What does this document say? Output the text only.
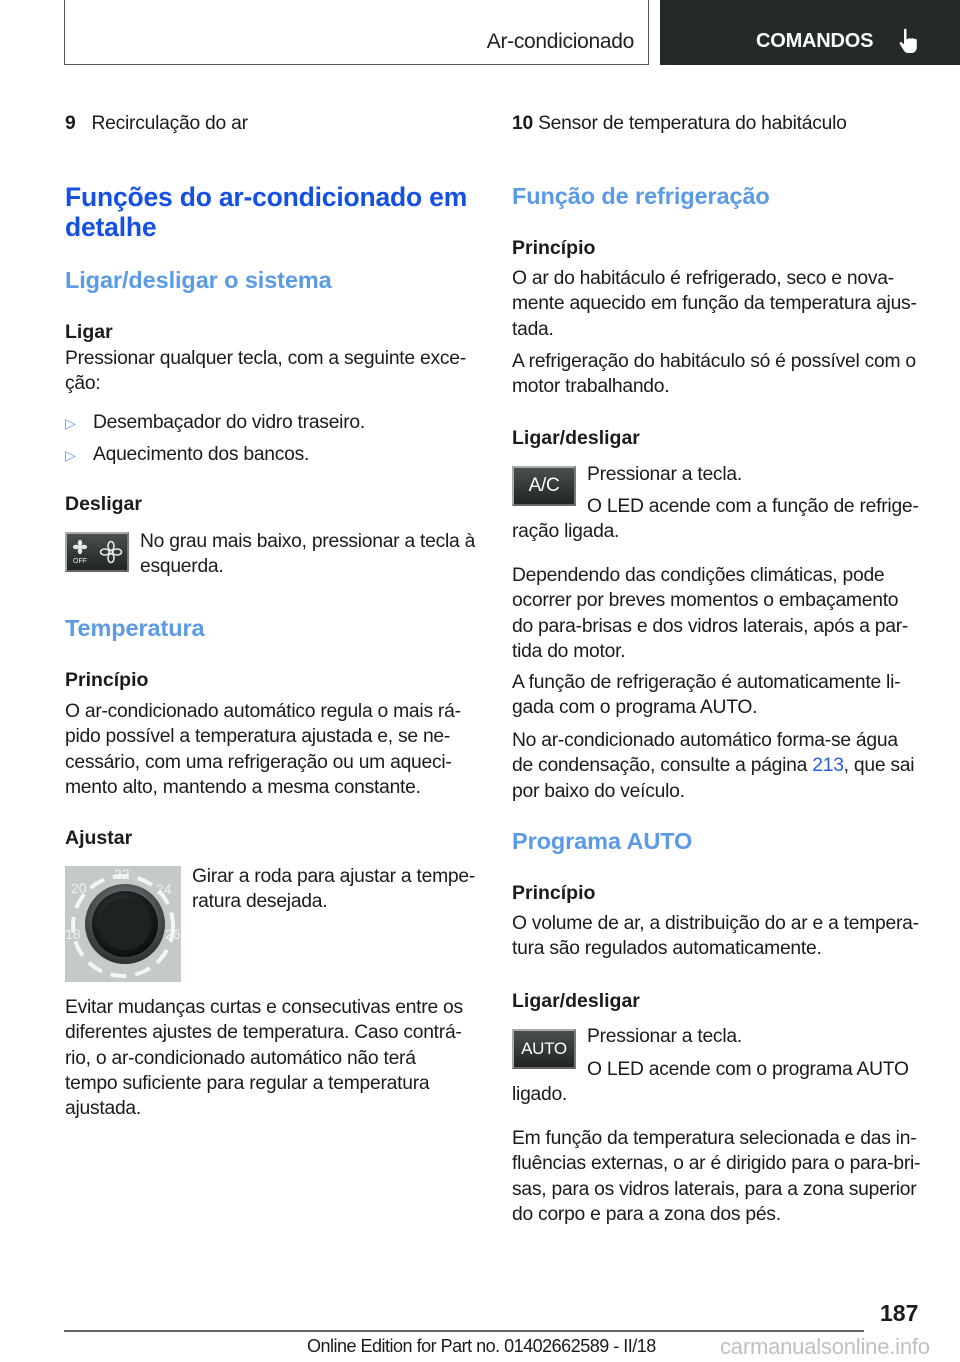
Ar-condicionado	COMANDOS
9 Recirculação do ar
Funções do ar-condicionado em
detalhe
Ligar/desligar o sistema
Ligar
Pressionar qualquer tecla, com a seguinte exce-
ção:
▷ Desembaçador do vidro traseiro.
▷ Aquecimento dos bancos.
Desligar
OFF
No grau mais baixo, pressionar a tecla à
esquerda.
Temperatura
Princípio
O ar-condicionado automático regula o mais rá-
pido possível a temperatura ajustada e, se ne-
cessário, com uma refrigeração ou um aqueci-
mento alto, mantendo a mesma constante.
Ajustar
20
22
24
18	26
Girar a roda para ajustar a tempe-
ratura desejada.
Evitar mudanças curtas e consecutivas entre os
diferentes ajustes de temperatura. Caso contrá-
rio, o ar-condicionado automático não terá
tempo suficiente para regular a temperatura
ajustada.
10 Sensor de temperatura do habitáculo
Função de refrigeração
Princípio
O ar do habitáculo é refrigerado, seco e nova-
mente aquecido em função da temperatura ajus-
tada.
A refrigeração do habitáculo só é possível com o
motor trabalhando.
Ligar/desligar
A/C
Pressionar a tecla.
O LED acende com a função de refrige-
ração ligada.
Dependendo das condições climáticas, pode
ocorrer por breves momentos o embaçamento
do para-brisas e dos vidros laterais, após a par-
tida do motor.
A função de refrigeração é automaticamente li-
gada com o programa AUTO.
No ar-condicionado automático forma-se água
de condensação, consulte a página 213, que sai
por baixo do veículo.
Programa AUTO
Princípio
O volume de ar, a distribuição do ar e a tempera-
tura são regulados automaticamente.
Ligar/desligar
AUTO
Pressionar a tecla.
O LED acende com o programa AUTO
ligado.
Em função da temperatura selecionada e das in-
fluências externas, o ar é dirigido para o para-bri-
sas, para os vidros laterais, para a zona superior
do corpo e para a zona dos pés.
187
Online Edition for Part no. 01402662589 - II/18	carmanualsonline.info
